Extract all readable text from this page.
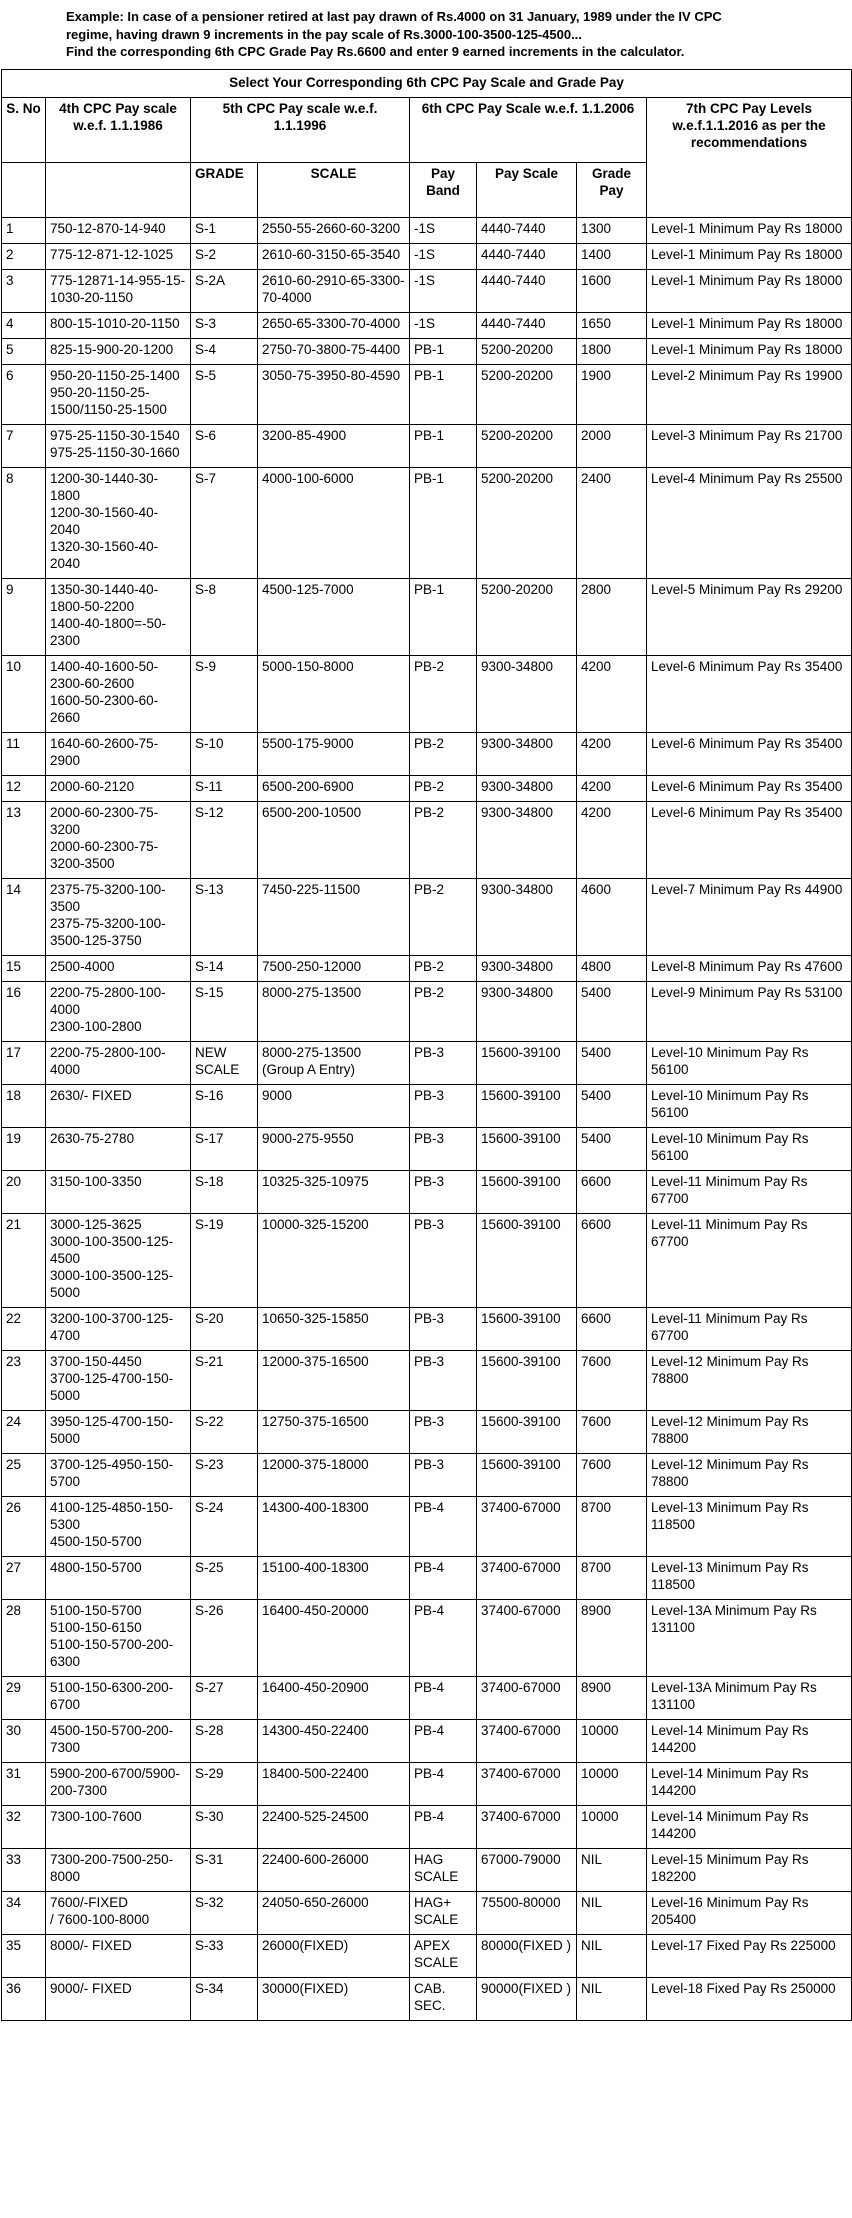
Example: In case of a pensioner retired at last pay drawn of Rs.4000 on 31 January, 1989 under the IV CPC
regime, having drawn 9 increments in the pay scale of Rs.3000-100-3500-125-4500...
Find the corresponding 6th CPC Grade Pay Rs.6600 and enter 9 earned increments in the calculator.
Select Your Corresponding 6th CPC Pay Scale and Grade Pay							
S. No	4th CPC Pay scale w.e.f. 1.1.1986	5th CPC Pay scale w.e.f. 1.1.1996		6th CPC Pay Scale w.e.f. 1.1.2006			7th CPC Pay Levels w.e.f.1.1.2016 as per the recommendations
		GRADE	SCALE	Pay Band	Pay Scale	Grade Pay	
1	750-12-870-14-940	S-1	2550-55-2660-60-3200	-1S	4440-7440	1300	Level-1 Minimum Pay Rs 18000
2	775-12-871-12-1025	S-2	2610-60-3150-65-3540	-1S	4440-7440	1400	Level-1 Minimum Pay Rs 18000
3	775-12871-14-955-15-1030-20-1150	S-2A	2610-60-2910-65-3300-70-4000	-1S	4440-7440	1600	Level-1 Minimum Pay Rs 18000
4	800-15-1010-20-1150	S-3	2650-65-3300-70-4000	-1S	4440-7440	1650	Level-1 Minimum Pay Rs 18000
5	825-15-900-20-1200	S-4	2750-70-3800-75-4400	PB-1	5200-20200	1800	Level-1 Minimum Pay Rs 18000
6	950-20-1150-25-1400
950-20-1150-25-1500/1150-25-1500	S-5	3050-75-3950-80-4590	PB-1	5200-20200	1900	Level-2 Minimum Pay Rs 19900
7	975-25-1150-30-1540
975-25-1150-30-1660	S-6	3200-85-4900	PB-1	5200-20200	2000	Level-3 Minimum Pay Rs 21700
8	1200-30-1440-30-1800
1200-30-1560-40-2040
1320-30-1560-40-2040	S-7	4000-100-6000	PB-1	5200-20200	2400	Level-4 Minimum Pay Rs 25500
9	1350-30-1440-40-1800-50-2200
1400-40-1800=-50-2300	S-8	4500-125-7000	PB-1	5200-20200	2800	Level-5 Minimum Pay Rs 29200
10	1400-40-1600-50-2300-60-2600
1600-50-2300-60-2660	S-9	5000-150-8000	PB-2	9300-34800	4200	Level-6 Minimum Pay Rs 35400
11	1640-60-2600-75-2900	S-10	5500-175-9000	PB-2	9300-34800	4200	Level-6 Minimum Pay Rs 35400
12	2000-60-2120	S-11	6500-200-6900	PB-2	9300-34800	4200	Level-6 Minimum Pay Rs 35400
13	2000-60-2300-75-3200
2000-60-2300-75-3200-3500	S-12	6500-200-10500	PB-2	9300-34800	4200	Level-6 Minimum Pay Rs 35400
14	2375-75-3200-100-3500
2375-75-3200-100-3500-125-3750	S-13	7450-225-11500	PB-2	9300-34800	4600	Level-7 Minimum Pay Rs 44900
15	2500-4000	S-14	7500-250-12000	PB-2	9300-34800	4800	Level-8 Minimum Pay Rs 47600
16	2200-75-2800-100-4000
2300-100-2800	S-15	8000-275-13500	PB-2	9300-34800	5400	Level-9 Minimum Pay Rs 53100
17	2200-75-2800-100-4000	NEW SCALE	8000-275-13500 (Group A Entry)	PB-3	15600-39100	5400	Level-10 Minimum Pay Rs 56100
18	2630/- FIXED	S-16	9000	PB-3	15600-39100	5400	Level-10 Minimum Pay Rs 56100
19	2630-75-2780	S-17	9000-275-9550	PB-3	15600-39100	5400	Level-10 Minimum Pay Rs 56100
20	3150-100-3350	S-18	10325-325-10975	PB-3	15600-39100	6600	Level-11 Minimum Pay Rs 67700
21	3000-125-3625
3000-100-3500-125-4500
3000-100-3500-125-5000	S-19	10000-325-15200	PB-3	15600-39100	6600	Level-11 Minimum Pay Rs 67700
22	3200-100-3700-125-4700	S-20	10650-325-15850	PB-3	15600-39100	6600	Level-11 Minimum Pay Rs 67700
23	3700-150-4450
3700-125-4700-150-5000	S-21	12000-375-16500	PB-3	15600-39100	7600	Level-12 Minimum Pay Rs 78800
24	3950-125-4700-150-5000	S-22	12750-375-16500	PB-3	15600-39100	7600	Level-12 Minimum Pay Rs 78800
25	3700-125-4950-150-5700	S-23	12000-375-18000	PB-3	15600-39100	7600	Level-12 Minimum Pay Rs 78800
26	4100-125-4850-150-5300
4500-150-5700	S-24	14300-400-18300	PB-4	37400-67000	8700	Level-13 Minimum Pay Rs 118500
27	4800-150-5700	S-25	15100-400-18300	PB-4	37400-67000	8700	Level-13 Minimum Pay Rs 118500
28	5100-150-5700
5100-150-6150
5100-150-5700-200-6300	S-26	16400-450-20000	PB-4	37400-67000	8900	Level-13A Minimum Pay Rs 131100
29	5100-150-6300-200-6700	S-27	16400-450-20900	PB-4	37400-67000	8900	Level-13A Minimum Pay Rs 131100
30	4500-150-5700-200-7300	S-28	14300-450-22400	PB-4	37400-67000	10000	Level-14 Minimum Pay Rs 144200
31	5900-200-6700/5900-200-7300	S-29	18400-500-22400	PB-4	37400-67000	10000	Level-14 Minimum Pay Rs 144200
32	7300-100-7600	S-30	22400-525-24500	PB-4	37400-67000	10000	Level-14 Minimum Pay Rs 144200
33	7300-200-7500-250-8000	S-31	22400-600-26000	HAG SCALE	67000-79000	NIL	Level-15 Minimum Pay Rs 182200
34	7600/-FIXED
/ 7600-100-8000	S-32	24050-650-26000	HAG+ SCALE	75500-80000	NIL	Level-16 Minimum Pay Rs 205400
35	8000/- FIXED	S-33	26000(FIXED)	APEX SCALE	80000(FIXED )	NIL	Level-17 Fixed Pay Rs 225000
36	9000/- FIXED	S-34	30000(FIXED)	CAB. SEC.	90000(FIXED )	NIL	Level-18 Fixed Pay Rs 250000
